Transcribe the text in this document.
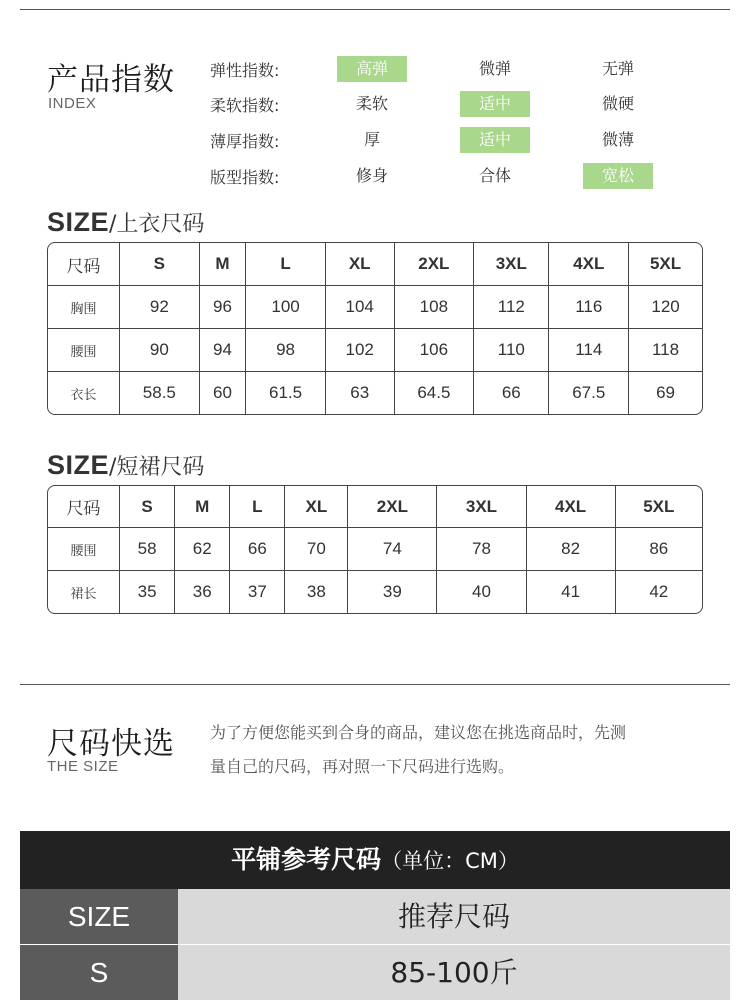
产品指数
INDEX
弹性指数:	高弹	微弹	无弹
柔软指数:	柔软	适中	微硬
薄厚指数:	厚	适中	微薄
版型指数:	修身	合体	宽松
SIZE/上衣尺码
尺码	S	M	L	XL	2XL	3XL	4XL	5XL
胸围	92	96	100	104	108	112	116	120
腰围	90	94	98	102	106	110	114	118
衣长	58.5	60	61.5	63	64.5	66	67.5	69
SIZE/短裙尺码
尺码	S	M	L	XL	2XL	3XL	4XL	5XL
腰围	58	62	66	70	74	78	82	86
裙长	35	36	37	38	39	40	41	42
尺码快选
THE SIZE
为了方便您能买到合身的商品，建议您在挑选商品时，先测
量自己的尺码，再对照一下尺码进行选购。
平铺参考尺码（单位：CM）
SIZE	推荐尺码
S	85-100斤
